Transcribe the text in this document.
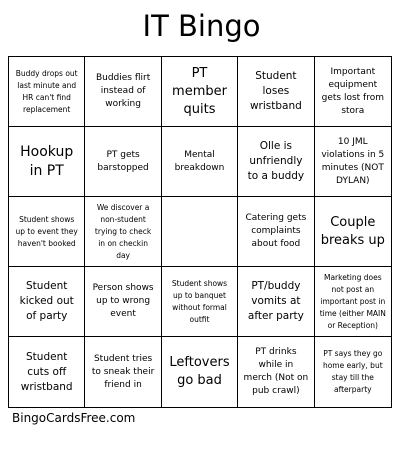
IT Bingo
Buddy drops out last minute and HR can't find replacement
Buddies flirt instead of working
PT member quits
Student loses wristband
Important equipment gets lost from stora
Hookup in PT
PT gets barstopped
Mental breakdown
Olle is unfriendly to a buddy
10 JML violations in 5 minutes (NOT DYLAN)
Student shows up to event they haven't booked
We discover a non-student trying to check in on checkin day
Catering gets complaints about food
Couple breaks up
Student kicked out of party
Person shows up to wrong event
Student shows up to banquet without formal outfit
PT/buddy vomits at after party
Marketing does not post an important post in time (either MAIN or Reception)
Student cuts off wristband
Student tries to sneak their friend in
Leftovers go bad
PT drinks while in merch (Not on pub crawl)
PT says they go home early, but stay till the afterparty
BingoCardsFree.com
